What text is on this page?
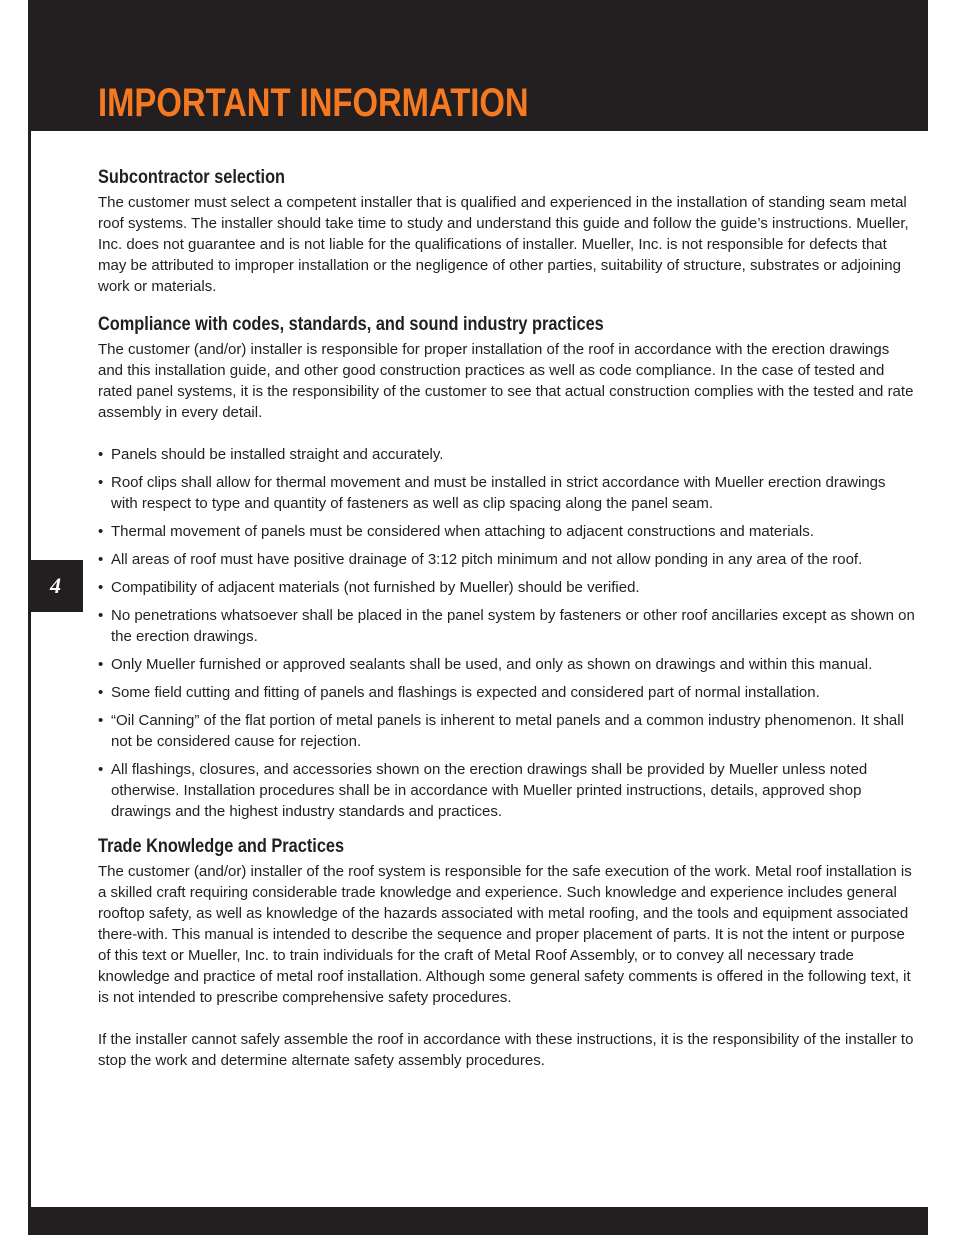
IMPORTANT INFORMATION
4
Subcontractor selection

The customer must select a competent installer that is qualified and experienced in the installation of standing seam metal roof systems. The installer should take time to study and understand this guide and follow the guide’s instructions. Mueller, Inc. does not guarantee and is not liable for the qualifications of installer. Mueller, Inc. is not responsible for defects that may be attributed to improper installation or the negligence of other parties, suitability of structure, substrates or adjoining work or materials.

Compliance with codes, standards, and sound industry practices

The customer (and/or) installer is responsible for proper installation of the roof in accordance with the erection drawings and this installation guide, and other good construction practices as well as code compliance. In the case of tested and rated panel systems, it is the responsibility of the customer to see that actual construction complies with the tested and rate assembly in every detail.

• Panels should be installed straight and accurately.
• Roof clips shall allow for thermal movement and must be installed in strict accordance with Mueller erection drawings with respect to type and quantity of fasteners as well as clip spacing along the panel seam.
• Thermal movement of panels must be considered when attaching to adjacent constructions and materials.
• All areas of roof must have positive drainage of 3:12 pitch minimum and not allow ponding in any area of the roof.
• Compatibility of adjacent materials (not furnished by Mueller) should be verified.
• No penetrations whatsoever shall be placed in the panel system by fasteners or other roof ancillaries except as shown on the erection drawings.
• Only Mueller furnished or approved sealants shall be used, and only as shown on drawings and within this manual.
• Some field cutting and fitting of panels and flashings is expected and considered part of normal installation.
• “Oil Canning” of the flat portion of metal panels is inherent to metal panels and a common industry phenomenon. It shall not be considered cause for rejection.
• All flashings, closures, and accessories shown on the erection drawings shall be provided by Mueller unless noted otherwise. Installation procedures shall be in accordance with Mueller printed instructions, details, approved shop drawings and the highest industry standards and practices.
Trade Knowledge and Practices

The customer (and/or) installer of the roof system is responsible for the safe execution of the work. Metal roof installation is a skilled craft requiring considerable trade knowledge and experience. Such knowledge and experience includes general rooftop safety, as well as knowledge of the hazards associated with metal roofing, and the tools and equipment associated there-with. This manual is intended to describe the sequence and proper placement of parts. It is not the intent or purpose of this text or Mueller, Inc. to train individuals for the craft of Metal Roof Assembly, or to convey all necessary trade knowledge and practice of metal roof installation. Although some general safety comments is offered in the following text, it is not intended to prescribe comprehensive safety procedures.

If the installer cannot safely assemble the roof in accordance with these instructions, it is the responsibility of the installer to stop the work and determine alternate safety assembly procedures.
